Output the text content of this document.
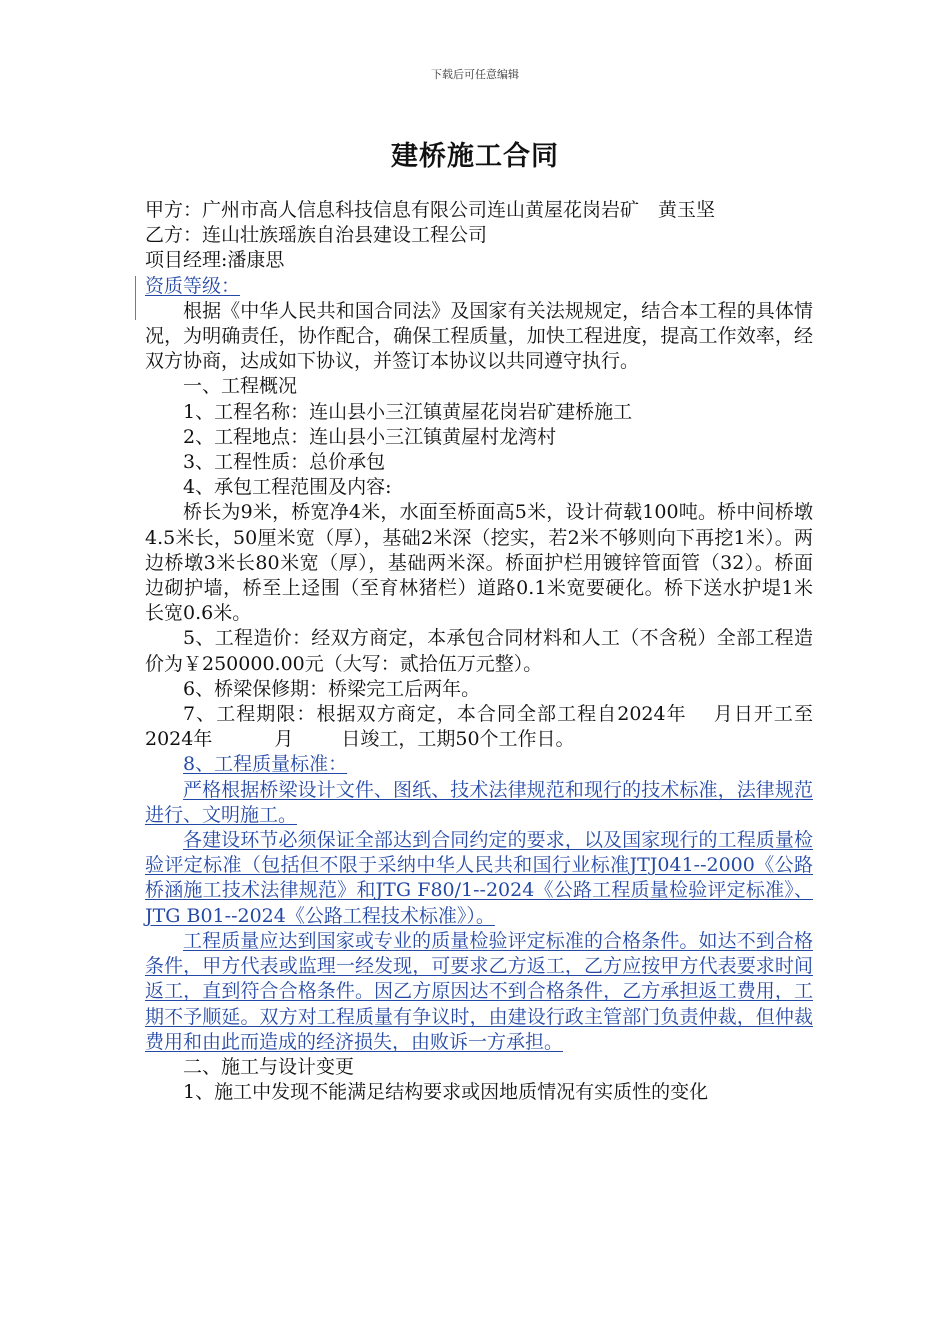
下载后可任意编辑
建桥施工合同

甲方：广州市高人信息科技信息有限公司连山黄屋花岗岩矿　黄玉坚

乙方：连山壮族瑶族自治县建设工程公司

项目经理:潘康思

资质等级：

根据《中华人民共和国合同法》及国家有关法规规定，结合本工程的具体情况，为明确责任，协作配合，确保工程质量，加快工程进度，提高工作效率，经双方协商，达成如下协议，并签订本协议以共同遵守执行。

一、工程概况

1、工程名称：连山县小三江镇黄屋花岗岩矿建桥施工

2、工程地点：连山县小三江镇黄屋村龙湾村

3、工程性质：总价承包

4、承包工程范围及内容:

桥长为9米，桥宽净4米，水面至桥面高5米，设计荷载100吨。桥中间桥墩4.5米长，50厘米宽（厚），基础2米深（挖实，若2米不够则向下再挖1米）。两边桥墩3米长80米宽（厚），基础两米深。桥面护栏用镀锌管面管（32）。桥面边砌护墙，桥至上迳围（至育林猪栏）道路0.1米宽要硬化。桥下送水护堤1米长宽0.6米。

5、工程造价：经双方商定，本承包合同材料和人工（不含税）全部工程造价为￥250000.00元（大写：贰拾伍万元整）。

6、桥梁保修期：桥梁完工后两年。

7、工程期限：根据双方商定，本合同全部工程自2024年 月日开工至2024年	月	日竣工，工期50个工作日。

8、工程质量标准：

严格根据桥梁设计文件、图纸、技术法律规范和现行的技术标准，法律规范进行、文明施工。

各建设环节必须保证全部达到合同约定的要求，以及国家现行的工程质量检验评定标准（包括但不限于采纳中华人民共和国行业标准JTJ041--2000《公路桥涵施工技术法律规范》和JTG F80/1--2024《公路工程质量检验评定标准》、JTG B01--2024《公路工程技术标准》）。

工程质量应达到国家或专业的质量检验评定标准的合格条件。如达不到合格条件，甲方代表或监理一经发现，可要求乙方返工，乙方应按甲方代表要求时间返工，直到符合合格条件。因乙方原因达不到合格条件，乙方承担返工费用，工期不予顺延。双方对工程质量有争议时，由建设行政主管部门负责仲裁，但仲裁费用和由此而造成的经济损失，由败诉一方承担。

二、施工与设计变更

1、施工中发现不能满足结构要求或因地质情况有实质性的变化
